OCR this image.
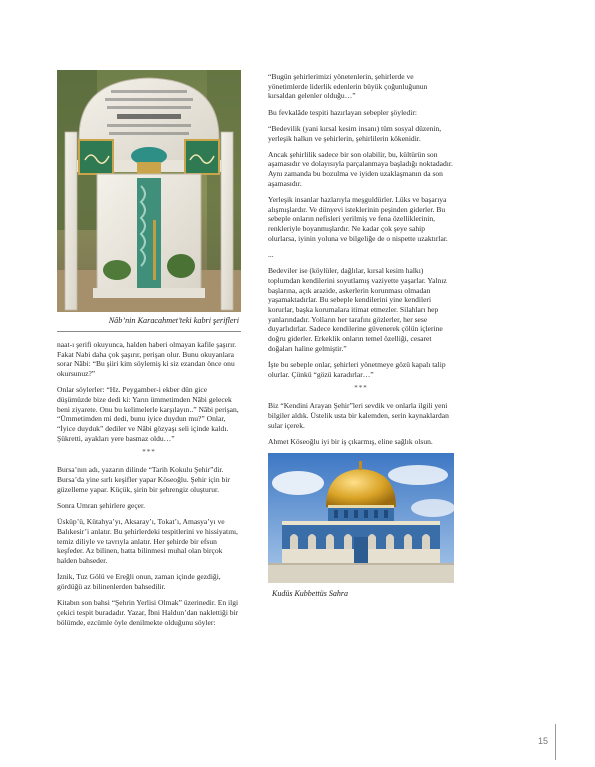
Nâb’nin Karacahmet’teki kabri şerifleri

naat-ı şerifi okuyunca, halden haberi olmayan kafile şaşırır. Fakat Nabi daha çok şaşırır, perişan olur. Bunu okuyanlara sorar Nâbi: “Bu şiiri kim söylemiş ki siz ezandan önce onu okursunuz?”

Onlar söylerler: “Hz. Peygamber-i ekber dün gice düşümüzde bize dedi ki: Yarın ümmetimden Nâbi gelecek beni ziyarete. Onu bu kelimelerle karşılayın..” Nâbi perişan, “Ümmetimden mi dedi, bunu iyice duydun mu?” Onlar, “İyice duyduk” dediler ve Nâbi gözyaşı seli içinde kaldı. Şükretti, ayakları yere basmaz oldu…”

***

Bursa’nın adı, yazarın dilinde “Tarih Kokulu Şehir”dir. Bursa’da yine sırlı keşifler yapar Köseoğlu. Şehir için bir güzelleme yapar. Küçük, şirin bir şehrengiz oluşturur.

Sonra Umran şehirlere geçer.

Üsküp’ü, Kütahya’yı, Aksaray’ı, Tokat’ı, Amasya’yı ve Balıkesir’i anlatır. Bu şehirlerdeki tespitlerini ve hissiyatını, temiz diliyle ve tavrıyla anlatır. Her şehirde bir efsun keşfeder. Az bilinen, hatta bilinmesi muhal olan birçok halden bahseder.

İznik, Tuz Gölü ve Ereğli onun, zaman içinde gezdiği, gördüğü az bilinenlerden bahsedilir.

Kitabın son bahsi “Şehrin Yerlisi Olmak” üzerinedir. En ilgi çekici tespit buradadır. Yazar, İbni Haldun’dan naklettiği bir bölümde, ezcümle öyle denilmekte olduğunu söyler:

“Bugün şehirlerimizi yönetenlerin, şehirlerde ve yönetimlerde liderlik edenlerin büyük çoğunluğunun kırsaldan gelenler olduğu…”

Bu fevkalâde tespiti hazırlayan sebepler şöyledir:

“Bedevilik (yani kırsal kesim insanı) tüm sosyal düzenin, yerleşik halkın ve şehirlerin, şehirlilerin kökenidir.

Ancak şehirlilik sadece bir son olabilir, bu, kültürün son aşamasıdır ve dolayısıyla parçalanmaya başladığı noktadadır. Aynı zamanda bu bozulma ve iyiden uzaklaşmanın da son aşamasıdır.

Yerleşik insanlar hazlarıyla meşguldürler. Lüks ve başarıya alışmışlardır. Ve dünyevi isteklerinin peşinden giderler. Bu sebeple onların nefisleri yerilmiş ve fena özelliklerinin, renkleriyle boyanmışlardır. Ne kadar çok şeye sahip olurlarsa, iyinin yoluna ve bilgeliğe de o nispette uzaktırlar.

...

Bedeviler ise (köylüler, dağlılar, kırsal kesim halkı) toplumdan kendilerini soyutlamış vaziyette yaşarlar. Yalnız başlarına, açık arazide, askerlerin korunması olmadan yaşamaktadırlar. Bu sebeple kendilerini yine kendileri korurlar, başka korumalara itimat etmezler. Silahları hep yanlarındadır. Yolların her tarafını gözlerler, her sese duyarlıdırlar. Sadece kendilerine güvenerek çölün içlerine doğru giderler. Erkeklik onların temel özelliği, cesaret doğaları haline gelmiştir.”

İşte bu sebeple onlar, şehirleri yönetmeye gözü kapalı talip olurlar. Çünkü “gözü karadırlar…”

***

Biz “Kendini Arayan Şehir”leri sevdik ve onlarla ilgili yeni bilgiler aldık. Üstelik usta bir kalemden, serin kaynaklardan sular içerek.

Ahmet Köseoğlu iyi bir iş çıkarmış, eline sağlık olsun.

Kudüs Kubbettüs Sahra
15
